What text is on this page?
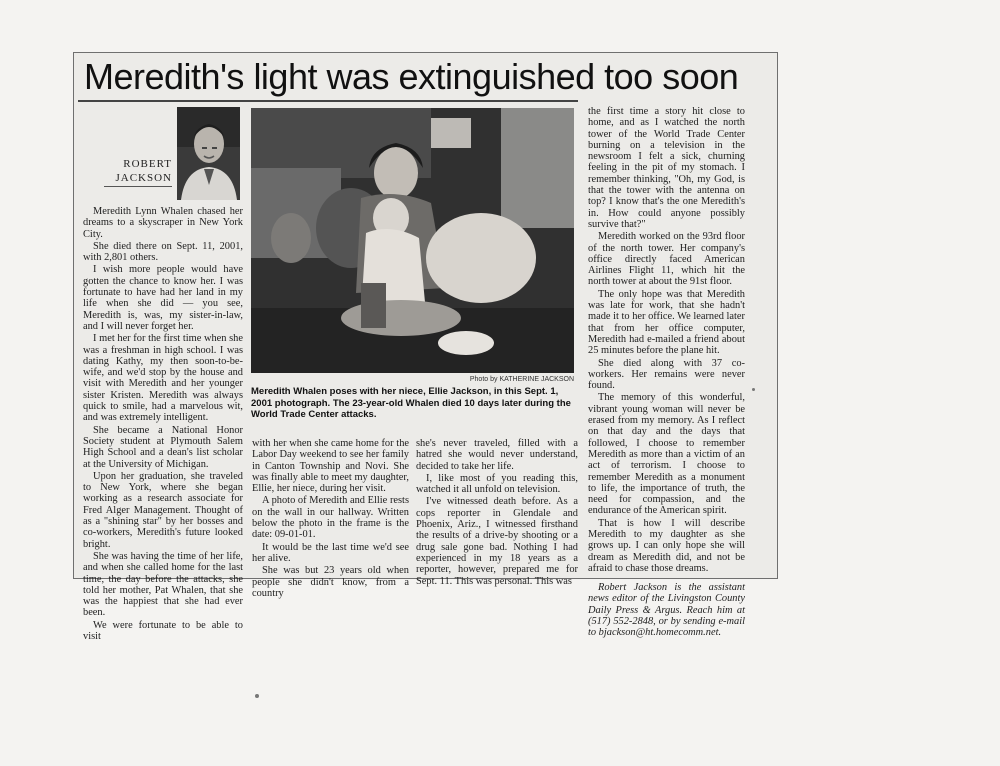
Meredith's light was extinguished too soon
ROBERT
JACKSON
Photo by KATHERINE JACKSON
Meredith Whalen poses with her niece, Ellie Jackson, in this Sept. 1, 2001 photograph. The 23-year-old Whalen died 10 days later during the World Trade Center attacks.

Meredith Lynn Whalen chased her dreams to a skyscraper in New York City.

She died there on Sept. 11, 2001, with 2,801 others.

I wish more people would have gotten the chance to know her. I was fortunate to have had her land in my life when she did — you see, Meredith is, was, my sister-in-law, and I will never forget her.

I met her for the first time when she was a freshman in high school. I was dating Kathy, my then soon-to-be-wife, and we'd stop by the house and visit with Meredith and her younger sister Kristen. Meredith was always quick to smile, had a marvelous wit, and was extremely intelligent.

She became a National Honor Society student at Plymouth Salem High School and a dean's list scholar at the University of Michigan.

Upon her graduation, she traveled to New York, where she began working as a research associate for Fred Alger Management. Thought of as a "shining star" by her bosses and co-workers, Meredith's future looked bright.

She was having the time of her life, and when she called home for the last time, the day before the attacks, she told her mother, Pat Whalen, that she was the happiest that she had ever been.

We were fortunate to be able to visit

with her when she came home for the Labor Day weekend to see her family in Canton Township and Novi. She was finally able to meet my daughter, Ellie, her niece, during her visit.

A photo of Meredith and Ellie rests on the wall in our hallway. Written below the photo in the frame is the date: 09-01-01.

It would be the last time we'd see her alive.

She was but 23 years old when people she didn't know, from a country

she's never traveled, filled with a hatred she would never understand, decided to take her life.

I, like most of you reading this, watched it all unfold on television.

I've witnessed death before. As a cops reporter in Glendale and Phoenix, Ariz., I witnessed firsthand the results of a drive-by shooting or a drug sale gone bad. Nothing I had experienced in my 18 years as a reporter, however, prepared me for Sept. 11. This was personal. This was

the first time a story hit close to home, and as I watched the north tower of the World Trade Center burning on a television in the newsroom I felt a sick, churning feeling in the pit of my stomach. I remember thinking, "Oh, my God, is that the tower with the antenna on top? I know that's the one Meredith's in. How could anyone possibly survive that?"

Meredith worked on the 93rd floor of the north tower. Her company's office directly faced American Airlines Flight 11, which hit the north tower at about the 91st floor.

The only hope was that Meredith was late for work, that she hadn't made it to her office. We learned later that from her office computer, Meredith had e-mailed a friend about 25 minutes before the plane hit.

She died along with 37 co-workers. Her remains were never found.

The memory of this wonderful, vibrant young woman will never be erased from my memory. As I reflect on that day and the days that followed, I choose to remember Meredith as more than a victim of an act of terrorism. I choose to remember Meredith as a monument to life, the importance of truth, the need for compassion, and the endurance of the American spirit.

That is how I will describe Meredith to my daughter as she grows up. I can only hope she will dream as Meredith did, and not be afraid to chase those dreams.

Robert Jackson is the assistant news editor of the Livingston County Daily Press & Argus. Reach him at (517) 552-2848, or by sending e-mail to bjackson@ht.homecomm.net.
